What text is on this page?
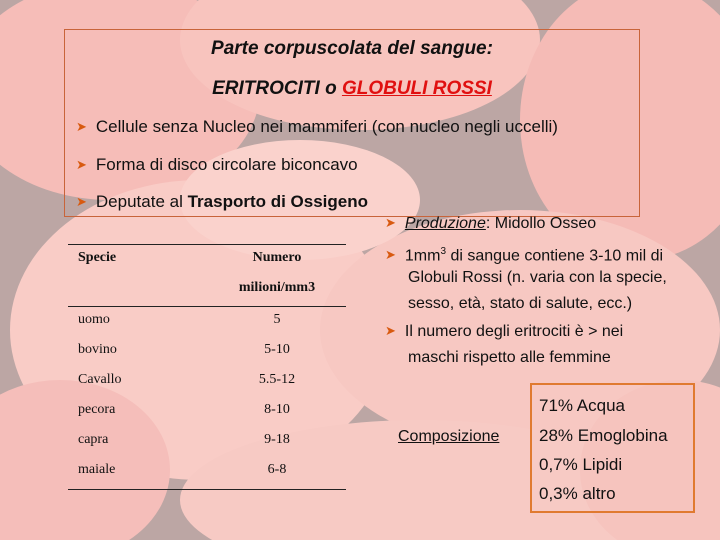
Parte corpuscolata del sangue:
ERITROCITI o GLOBULI ROSSI
➤ Cellule senza Nucleo nei mammiferi (con nucleo negli uccelli)
➤ Forma di disco circolare biconcavo
➤ Deputate al Trasporto di Ossigeno
➤ Produzione: Midollo Osseo
➤ $1mm^3$ di sangue contiene 3-10 mil di
Globuli Rossi (n. varia con la specie,
sesso, età, stato di salute, ecc.)
➤ Il numero degli eritrociti è > nei
maschi rispetto alle femmine
Specie	Numero
milioni/mm3
uomo	5
bovino	5-10
Cavallo	5.5-12
pecora	8-10
capra	9-18
maiale	6-8
Composizione
71% Acqua
28% Emoglobina
0,7% Lipidi
0,3% altro
